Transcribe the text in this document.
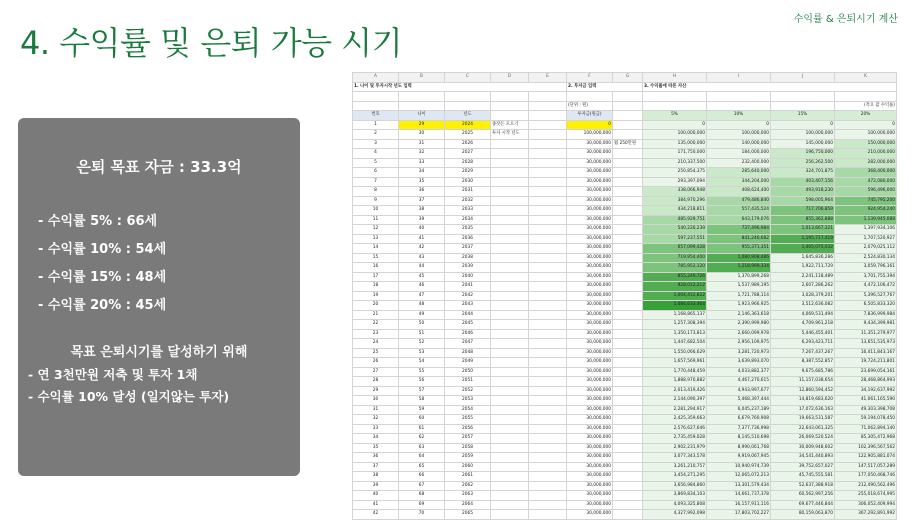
수익률 & 은퇴시기 계산
4. 수익률 및 은퇴 가능 시기
은퇴 목표 자금 : 33.3억
- 수익률 5% : 66세
- 수익률 10% : 54세
- 수익률 15% : 48세
- 수익률 20% : 45세
목표 은퇴시기를 달성하기 위해
- 연 3천만원 저축 및 투자 1채
- 수익률 10% 달성 (일지않는 투자)
A	B	C	D	E	F	G	H	I	J	K
1. 나이 및 투자시작 년도 입력					2. 투자금 입력		3. 수익률에 따른 자산			

					(단위 : 원)					(적요 값 수익률)
번호	나이	년도			투자금(원금)		5%	10%	15%	20%
1	29	2024	종잣돈 모으기		0		0	0	0	0
2	30	2025	투자 시작 년도		100,000,000		100,000,000	100,000,000	100,000,000	100,000,000
3	31	2026			30,000,000	월 250만원	135,000,000	140,000,000	145,000,000	150,000,000
4	32	2027			30,000,000		171,750,000	184,000,000	196,750,000	210,000,000
5	33	2028			30,000,000		210,337,500	232,400,000	256,262,500	282,000,000
6	34	2029			30,000,000		250,854,375	285,640,000	324,701,875	368,400,000
7	35	2030			30,000,000		293,397,094	344,204,000	403,407,156	472,080,000
8	36	2031			30,000,000		338,066,948	408,624,400	493,918,230	596,496,000
9	37	2032			30,000,000		384,970,296	479,486,840	598,005,964	745,795,200
10	38	2033			30,000,000		434,218,811	557,435,524	717,706,859	924,954,240
11	39	2034			30,000,000		485,929,751	643,179,076	855,362,888	1,139,945,088
12	40	2035			30,000,000		540,226,239	737,496,984	1,013,667,321	1,397,934,106
13	41	2036			30,000,000		597,237,551	841,246,682	1,195,717,419	1,707,520,927
14	42	2037			30,000,000		657,099,428	955,371,351	1,405,075,032	2,079,025,112
15	43	2038			30,000,000		719,954,400	1,080,908,486	1,645,836,286	2,524,830,134
16	44	2039			30,000,000		785,952,120	1,218,999,334	1,922,711,729	3,059,796,161
17	45	2040			30,000,000		855,249,726	1,370,899,268	2,241,118,489	3,701,755,394
18	46	2041			30,000,000		928,012,212	1,537,989,195	2,607,286,262	4,472,106,472
19	47	2042			30,000,000		1,004,412,822	1,721,788,114	3,028,379,201	5,396,527,767
20	48	2043			30,000,000		1,084,633,464	1,923,966,925	3,512,636,082	6,505,833,320
21	49	2044			30,000,000		1,168,865,137	2,146,363,618	4,069,531,494	7,836,999,984
22	50	2045			30,000,000		1,257,308,394	2,390,999,980	4,709,961,218	9,434,399,981
23	51	2046			30,000,000		1,350,173,813	2,660,099,978	5,446,455,401	11,351,279,977
24	52	2047			30,000,000		1,447,682,504	2,956,109,975	6,293,423,711	13,651,535,973
25	53	2048			30,000,000		1,550,066,629	3,281,720,973	7,267,437,267	16,411,843,167
26	54	2049			30,000,000		1,657,569,961	3,639,893,070	8,387,552,857	19,724,211,801
27	55	2050			30,000,000		1,770,448,459	4,033,882,377	9,675,685,786	23,699,054,161
28	56	2051			30,000,000		1,888,970,882	4,467,270,615	11,157,038,654	28,468,864,993
29	57	2052			30,000,000		2,013,419,426	4,943,997,677	12,860,594,452	34,192,637,992
30	58	2053			30,000,000		2,144,090,397	5,468,397,444	14,819,683,620	41,061,165,590
31	59	2054			30,000,000		2,281,294,917	6,045,237,189	17,072,636,163	49,303,398,708
32	60	2055			30,000,000		2,425,359,663	6,679,760,908	19,663,531,587	59,194,078,450
33	61	2056			30,000,000		2,576,627,646	7,377,736,998	22,643,061,325	71,062,894,140
34	62	2057			30,000,000		2,735,459,028	8,145,510,698	26,069,520,524	85,305,472,968
35	63	2058			30,000,000		2,902,231,979	8,990,061,768	30,009,948,602	102,396,567,562
36	64	2059			30,000,000		3,077,343,578	9,919,067,945	34,541,440,893	122,905,881,074
37	65	2060			30,000,000		3,261,210,757	10,940,974,739	39,752,657,027	147,517,057,289
38	66	2061			30,000,000		3,454,271,295	12,065,072,213	45,745,555,581	177,050,468,746
39	67	2062			30,000,000		3,656,984,860	13,301,579,434	52,637,388,918	212,490,562,496
40	68	2063			30,000,000		3,869,834,103	14,661,737,378	60,562,997,256	255,018,674,995
41	69	2064			30,000,000		4,093,325,808	16,157,911,116	69,677,446,844	306,052,409,994
42	70	2065			30,000,000		4,327,992,098	17,803,702,227	80,159,063,870	367,292,891,992
